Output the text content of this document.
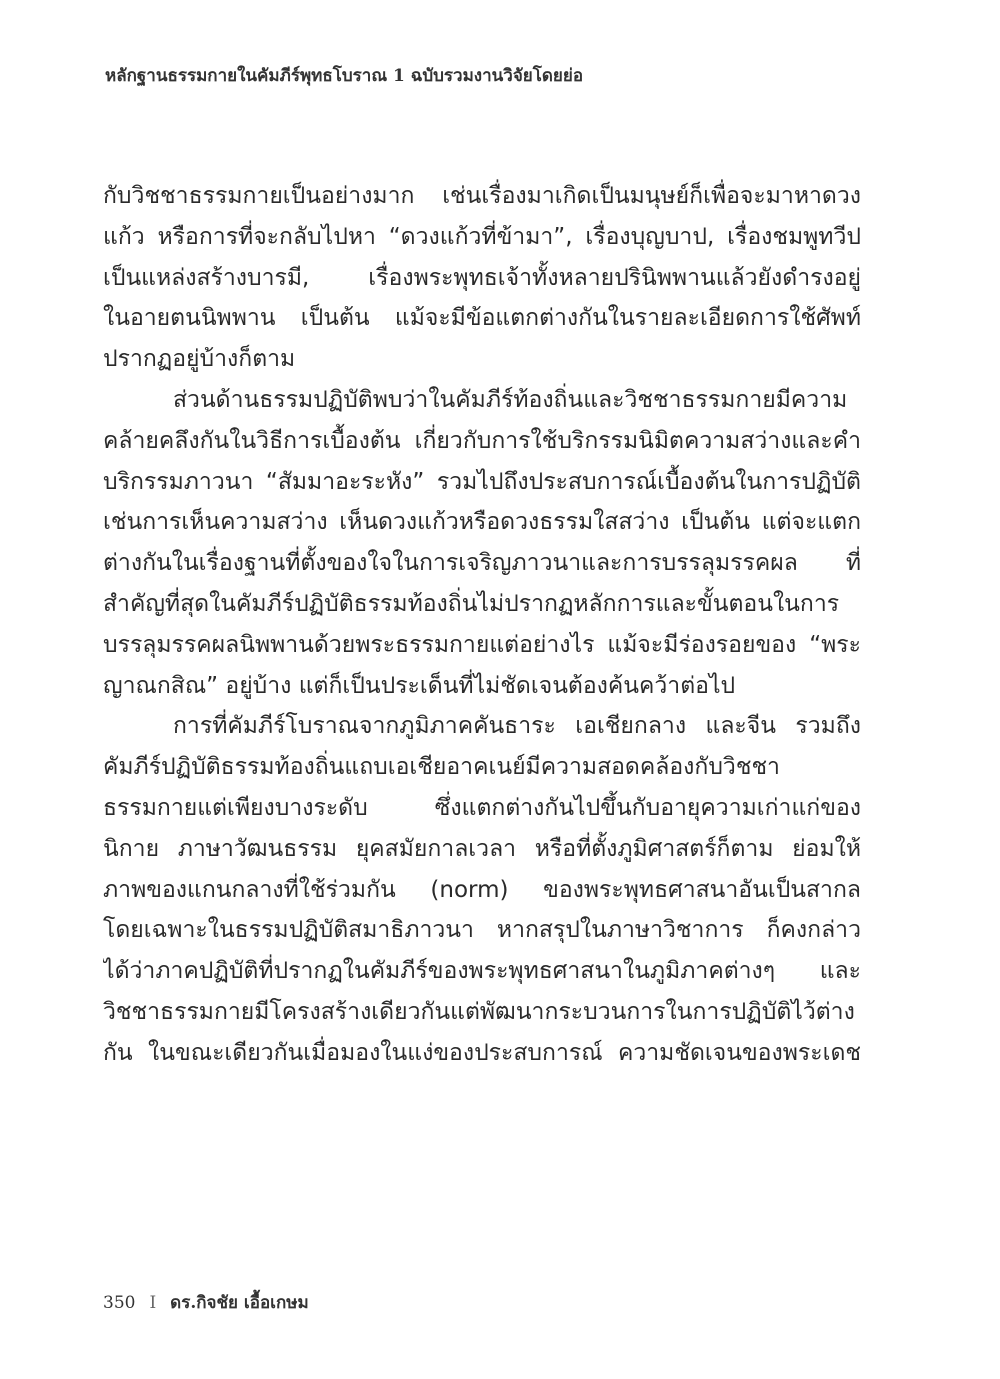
หลักฐานธรรมกายในคัมภีร์พุทธโบราณ 1 ฉบับรวมงานวิจัยโดยย่อ
กับวิชชาธรรมกายเป็นอย่างมาก เช่นเรื่องมาเกิดเป็นมนุษย์ก็เพื่อจะมาหาดวง
แก้ว หรือการที่จะกลับไปหา “ดวงแก้วที่ข้ามา”, เรื่องบุญบาป, เรื่องชมพูทวีป
เป็นแหล่งสร้างบารมี, เรื่องพระพุทธเจ้าทั้งหลายปรินิพพานแล้วยังดำรงอยู่
ในอายตนนิพพาน เป็นต้น แม้จะมีข้อแตกต่างกันในรายละเอียดการใช้ศัพท์
ปรากฏอยู่บ้างก็ตาม
ส่วนด้านธรรมปฏิบัติพบว่าในคัมภีร์ท้องถิ่นและวิชชาธรรมกายมีความ
คล้ายคลึงกันในวิธีการเบื้องต้น เกี่ยวกับการใช้บริกรรมนิมิตความสว่างและคำ
บริกรรมภาวนา “สัมมาอะระหัง” รวมไปถึงประสบการณ์เบื้องต้นในการปฏิบัติ
เช่นการเห็นความสว่าง เห็นดวงแก้วหรือดวงธรรมใสสว่าง เป็นต้น แต่จะแตก
ต่างกันในเรื่องฐานที่ตั้งของใจในการเจริญภาวนาและการบรรลุมรรคผล ที่
สำคัญที่สุดในคัมภีร์ปฏิบัติธรรมท้องถิ่นไม่ปรากฏหลักการและขั้นตอนในการ
บรรลุมรรคผลนิพพานด้วยพระธรรมกายแต่อย่างไร แม้จะมีร่องรอยของ “พระ
ญาณกสิณ” อยู่บ้าง แต่ก็เป็นประเด็นที่ไม่ชัดเจนต้องค้นคว้าต่อไป
การที่คัมภีร์โบราณจากภูมิภาคคันธาระ เอเชียกลาง และจีน รวมถึง
คัมภีร์ปฏิบัติธรรมท้องถิ่นแถบเอเชียอาคเนย์มีความสอดคล้องกับวิชชา
ธรรมกายแต่เพียงบางระดับ ซึ่งแตกต่างกันไปขึ้นกับอายุความเก่าแก่ของ
นิกาย ภาษาวัฒนธรรม ยุคสมัยกาลเวลา หรือที่ตั้งภูมิศาสตร์ก็ตาม ย่อมให้
ภาพของแกนกลางที่ใช้ร่วมกัน (norm) ของพระพุทธศาสนาอันเป็นสากล
โดยเฉพาะในธรรมปฏิบัติสมาธิภาวนา หากสรุปในภาษาวิชาการ ก็คงกล่าว
ได้ว่าภาคปฏิบัติที่ปรากฏในคัมภีร์ของพระพุทธศาสนาในภูมิภาคต่างๆ และ
วิชชาธรรมกายมีโครงสร้างเดียวกันแต่พัฒนากระบวนการในการปฏิบัติไว้ต่าง
กัน ในขณะเดียวกันเมื่อมองในแง่ของประสบการณ์ ความชัดเจนของพระเดช
350 I ดร.กิจชัย เอื้อเกษม
